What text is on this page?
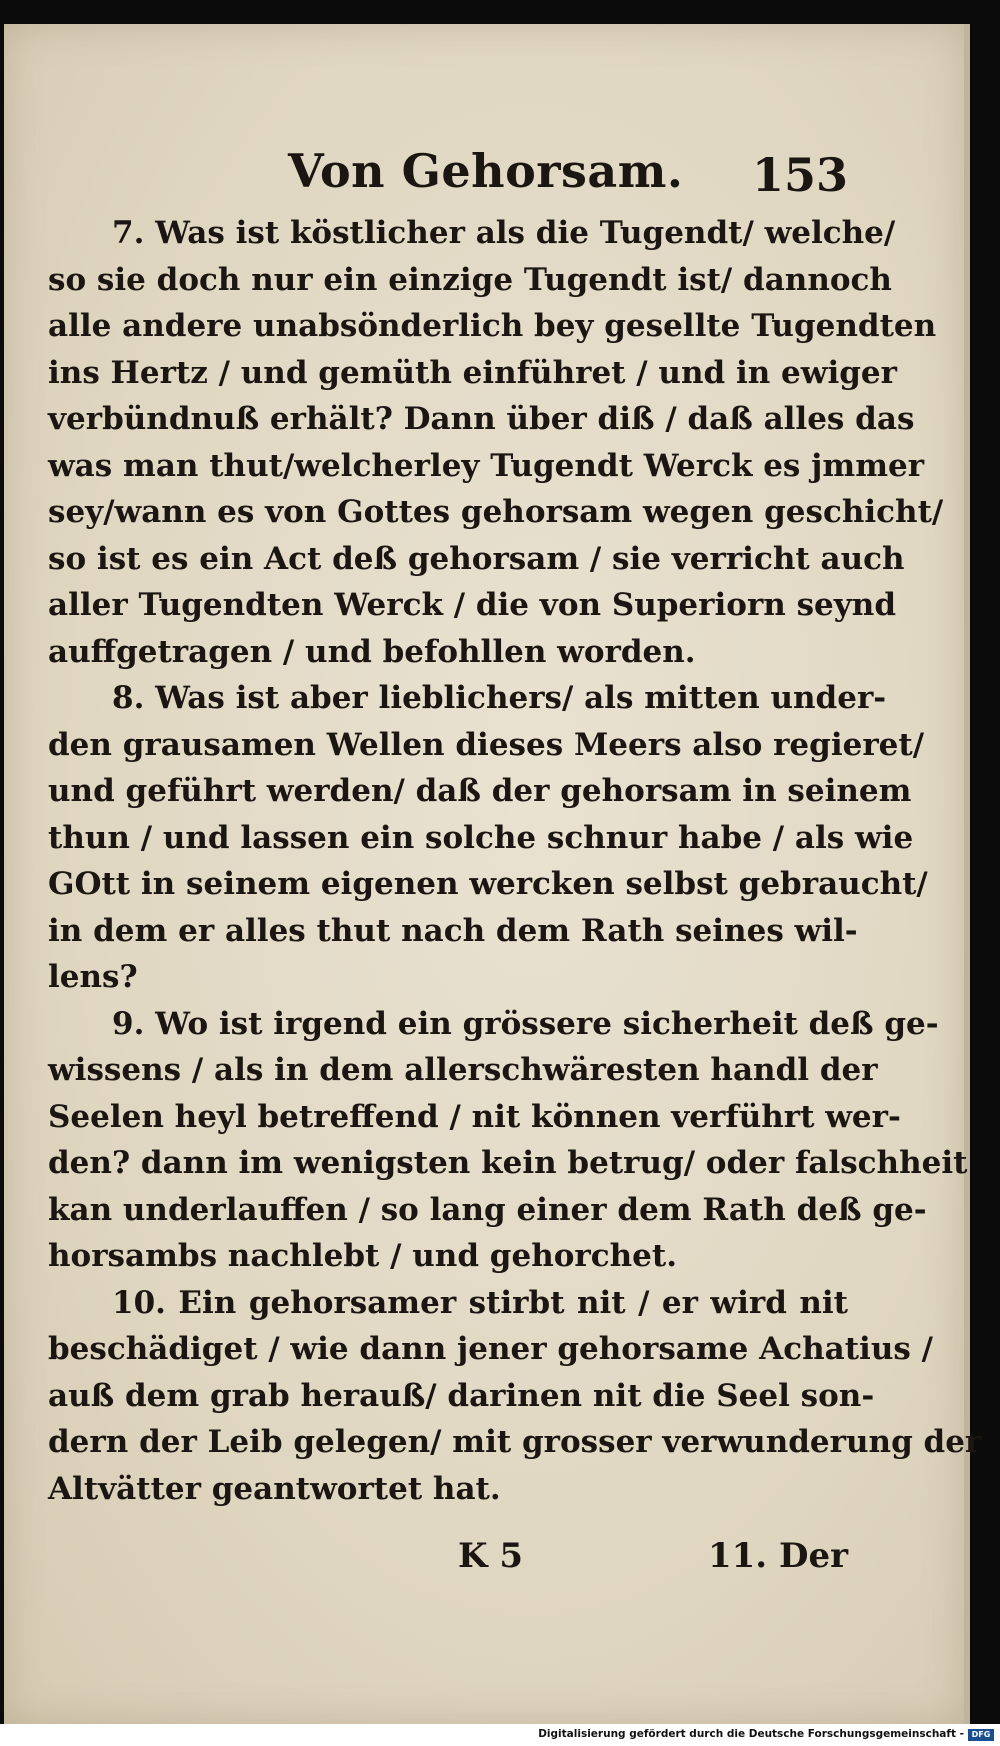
Von Gehorsam. 153
7. Was ist köstlicher als die Tugendt/ welche/
so sie doch nur ein einzige Tugendt ist/ dannoch
alle andere unabsönderlich bey gesellte Tugendten
ins Hertz / und gemüth einführet / und in ewiger
verbündnuß erhält? Dann über diß / daß alles das
was man thut/welcherley Tugendt Werck es jmmer
sey/wann es von Gottes gehorsam wegen geschicht/
so ist es ein Act deß gehorsam / sie verricht auch
aller Tugendten Werck / die von Superiorn seynd
auffgetragen / und befohllen worden.
8. Was ist aber lieblichers/ als mitten under-
den grausamen Wellen dieses Meers also regieret/
und geführt werden/ daß der gehorsam in seinem
thun / und lassen ein solche schnur habe / als wie
GOtt in seinem eigenen wercken selbst gebraucht/
in dem er alles thut nach dem Rath seines wil-
lens?
9. Wo ist irgend ein grössere sicherheit deß ge-
wissens / als in dem allerschwäresten handl der
Seelen heyl betreffend / nit können verführt wer-
den? dann im wenigsten kein betrug/ oder falschheit
kan underlauffen / so lang einer dem Rath deß ge-
horsambs nachlebt / und gehorchet.
10. Ein gehorsamer stirbt nit / er wird nit
beschädiget / wie dann jener gehorsame Achatius /
auß dem grab herauß/ darinen nit die Seel son-
dern der Leib gelegen/ mit grosser verwunderung der
Altvätter geantwortet hat.
K 5	11. Der
Digitalisierung gefördert durch die Deutsche Forschungsgemeinschaft - DFG
